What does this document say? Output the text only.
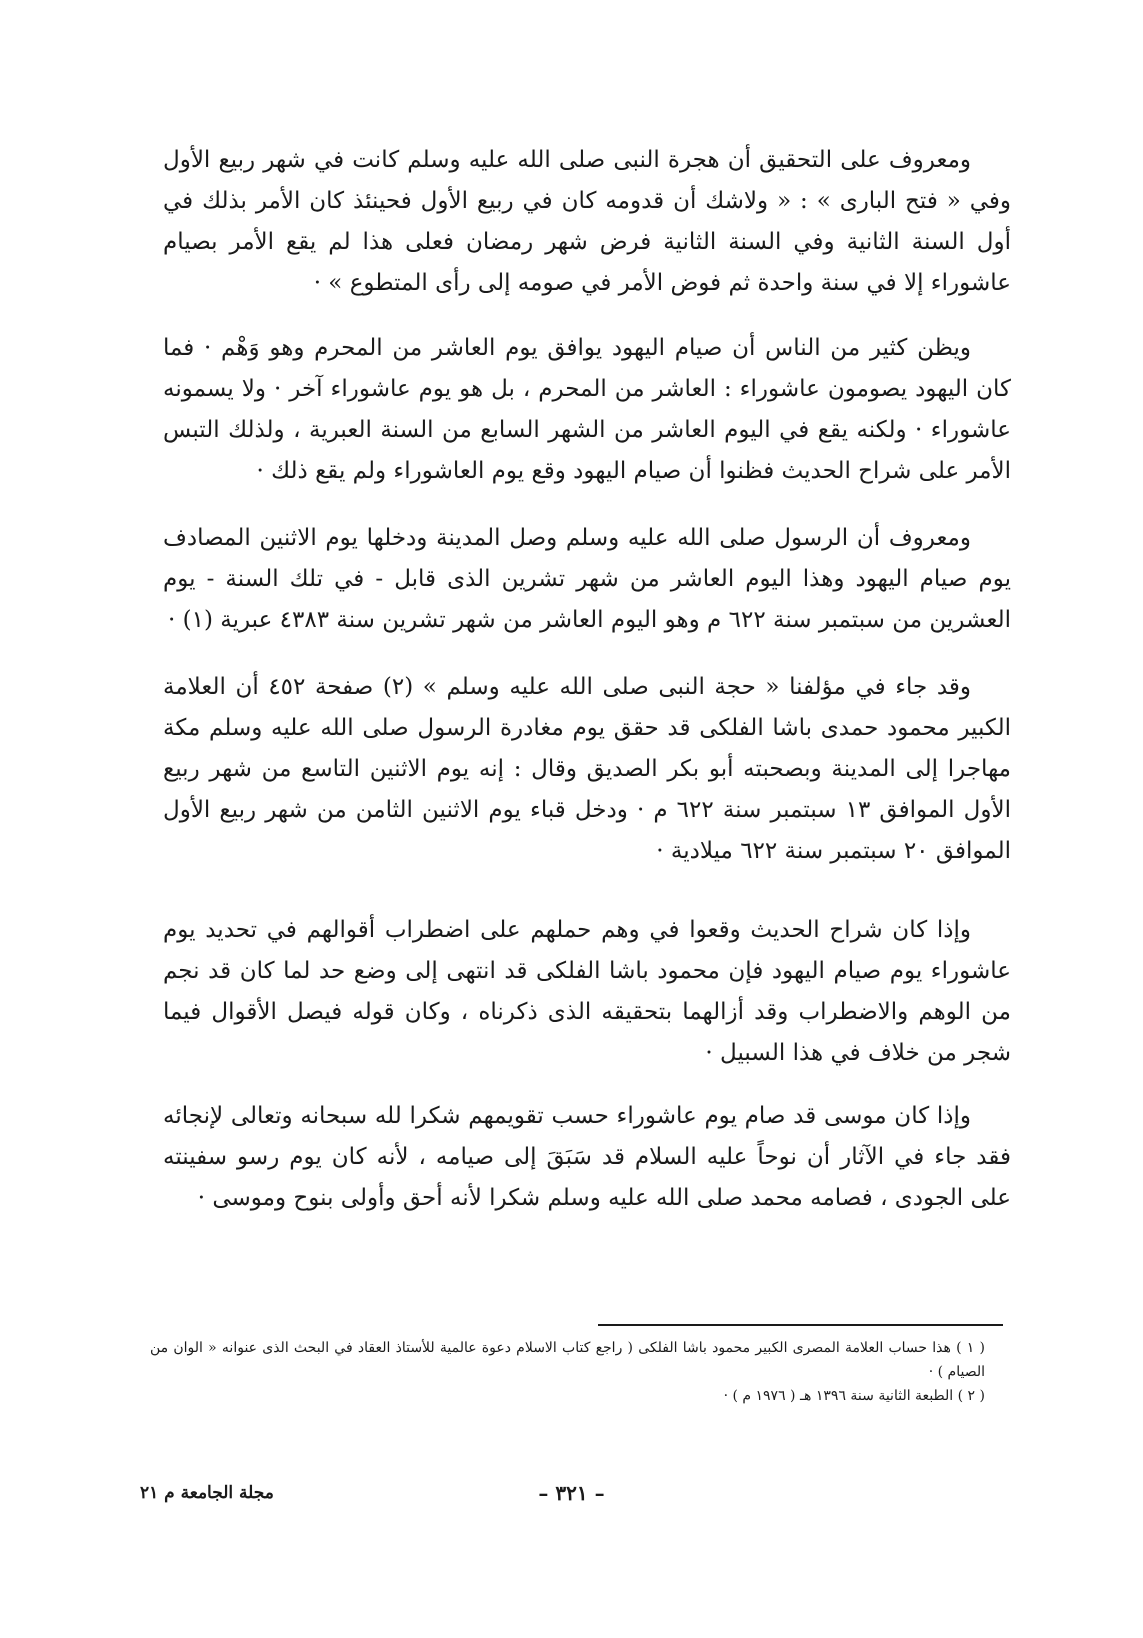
ومعروف على التحقيق أن هجرة النبى صلى الله عليه وسلم كانت في شهر ربيع الأول وفي « فتح البارى » : « ولاشك أن قدومه كان في ربيع الأول فحينئذ كان الأمر بذلك في أول السنة الثانية وفي السنة الثانية فرض شهر رمضان فعلى هذا لم يقع الأمر بصيام عاشوراء إلا في سنة واحدة ثم فوض الأمر في صومه إلى رأى المتطوع » ·

ويظن كثير من الناس أن صيام اليهود يوافق يوم العاشر من المحرم وهو وَهْم · فما كان اليهود يصومون عاشوراء : العاشر من المحرم ، بل هو يوم عاشوراء آخر · ولا يسمونه عاشوراء · ولكنه يقع في اليوم العاشر من الشهر السابع من السنة العبرية ، ولذلك التبس الأمر على شراح الحديث فظنوا أن صيام اليهود وقع يوم العاشوراء ولم يقع ذلك ·

ومعروف أن الرسول صلى الله عليه وسلم وصل المدينة ودخلها يوم الاثنين المصادف يوم صيام اليهود وهذا اليوم العاشر من شهر تشرين الذى قابل - في تلك السنة - يوم العشرين من سبتمبر سنة ٦٢٢ م وهو اليوم العاشر من شهر تشرين سنة ٤٣٨٣ عبرية (١) ·

وقد جاء في مؤلفنا « حجة النبى صلى الله عليه وسلم » (٢) صفحة ٤٥٢ أن العلامة الكبير محمود حمدى باشا الفلكى قد حقق يوم مغادرة الرسول صلى الله عليه وسلم مكة مهاجرا إلى المدينة وبصحبته أبو بكر الصديق وقال : إنه يوم الاثنين التاسع من شهر ربيع الأول الموافق ١٣ سبتمبر سنة ٦٢٢ م · ودخل قباء يوم الاثنين الثامن من شهر ربيع الأول الموافق ٢٠ سبتمبر سنة ٦٢٢ ميلادية ·

وإذا كان شراح الحديث وقعوا في وهم حملهم على اضطراب أقوالهم في تحديد يوم عاشوراء يوم صيام اليهود فإن محمود باشا الفلكى قد انتهى إلى وضع حد لما كان قد نجم من الوهم والاضطراب وقد أزالهما بتحقيقه الذى ذكرناه ، وكان قوله فيصل الأقوال فيما شجر من خلاف في هذا السبيل ·

وإذا كان موسى قد صام يوم عاشوراء حسب تقويمهم شكرا لله سبحانه وتعالى لإنجائه فقد جاء في الآثار أن نوحاً عليه السلام قد سَبَقَ إلى صيامه ، لأنه كان يوم رسو سفينته على الجودى ، فصامه محمد صلى الله عليه وسلم شكرا لأنه أحق وأولى بنوح وموسى ·

( ١ ) هذا حساب العلامة المصرى الكبير محمود باشا الفلكى ( راجع كتاب الاسلام دعوة عالمية للأستاذ العقاد في البحث الذى عنوانه « الوان من الصيام ) ·

( ٢ ) الطبعة الثانية سنة ١٣٩٦ هـ ( ١٩٧٦ م ) ·

– ٣٢١ –
مجلة الجامعة م ٢١
